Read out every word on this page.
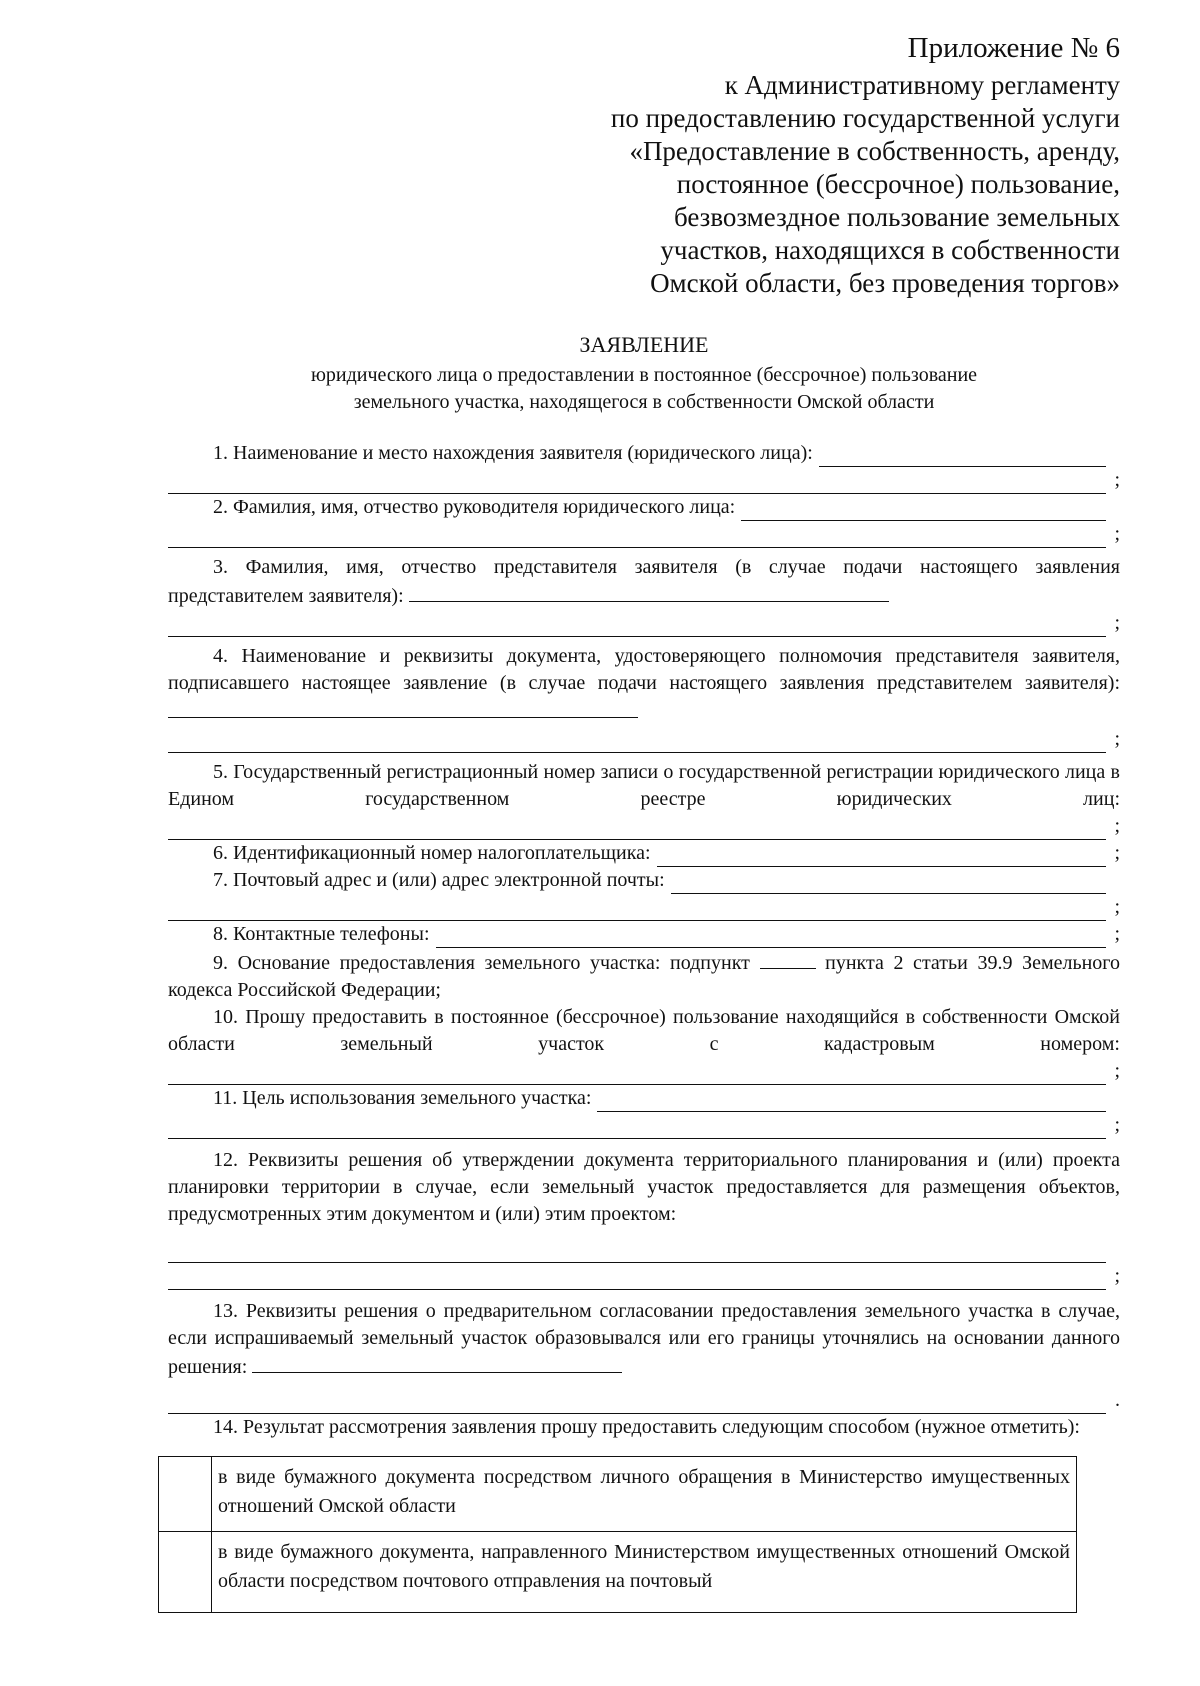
Приложение № 6
к Административному регламенту
по предоставлению государственной услуги
«Предоставление в собственность, аренду,
постоянное (бессрочное) пользование,
безвозмездное пользование земельных
участков, находящихся в собственности
Омской области, без проведения торгов»
ЗАЯВЛЕНИЕ
юридического лица о предоставлении в постоянное (бессрочное) пользование
земельного участка, находящегося в собственности Омской области
1. Наименование и место нахождения заявителя (юридического лица):
;
2. Фамилия, имя, отчество руководителя юридического лица:
;

3. Фамилия, имя, отчество представителя заявителя (в случае подачи настоящего заявления представителем заявителя):

;

4. Наименование и реквизиты документа, удостоверяющего полномочия представителя заявителя, подписавшего настоящее заявление (в случае подачи настоящего заявления представителем заявителя):

;

5. Государственный регистрационный номер записи о государственной регистрации юридического лица в Едином государственном реестре юридических лиц:

;
6. Идентификационный номер налогоплательщика:	;
7. Почтовый адрес и (или) адрес электронной почты:
;
8. Контактные телефоны:	;

9. Основание предоставления земельного участка: подпункт	пункта 2 статьи 39.9 Земельного кодекса Российской Федерации;

10. Прошу предоставить в постоянное (бессрочное) пользование находящийся в собственности Омской области земельный участок с кадастровым номером:

;
11. Цель использования земельного участка:
;

12. Реквизиты решения об утверждении документа территориального планирования и (или) проекта планировки территории в случае, если земельный участок предоставляется для размещения объектов, предусмотренных этим документом и (или) этим проектом:

;

13. Реквизиты решения о предварительном согласовании предоставления земельного участка в случае, если испрашиваемый земельный участок образовывался или его границы уточнялись на основании данного решения:

.

14. Результат рассмотрения заявления прошу предоставить следующим способом (нужное отметить):

	в виде бумажного документа посредством личного обращения в Министерство имущественных отношений Омской области
	в виде бумажного документа, направленного Министерством имущественных отношений Омской области посредством почтового отправления на почтовый
